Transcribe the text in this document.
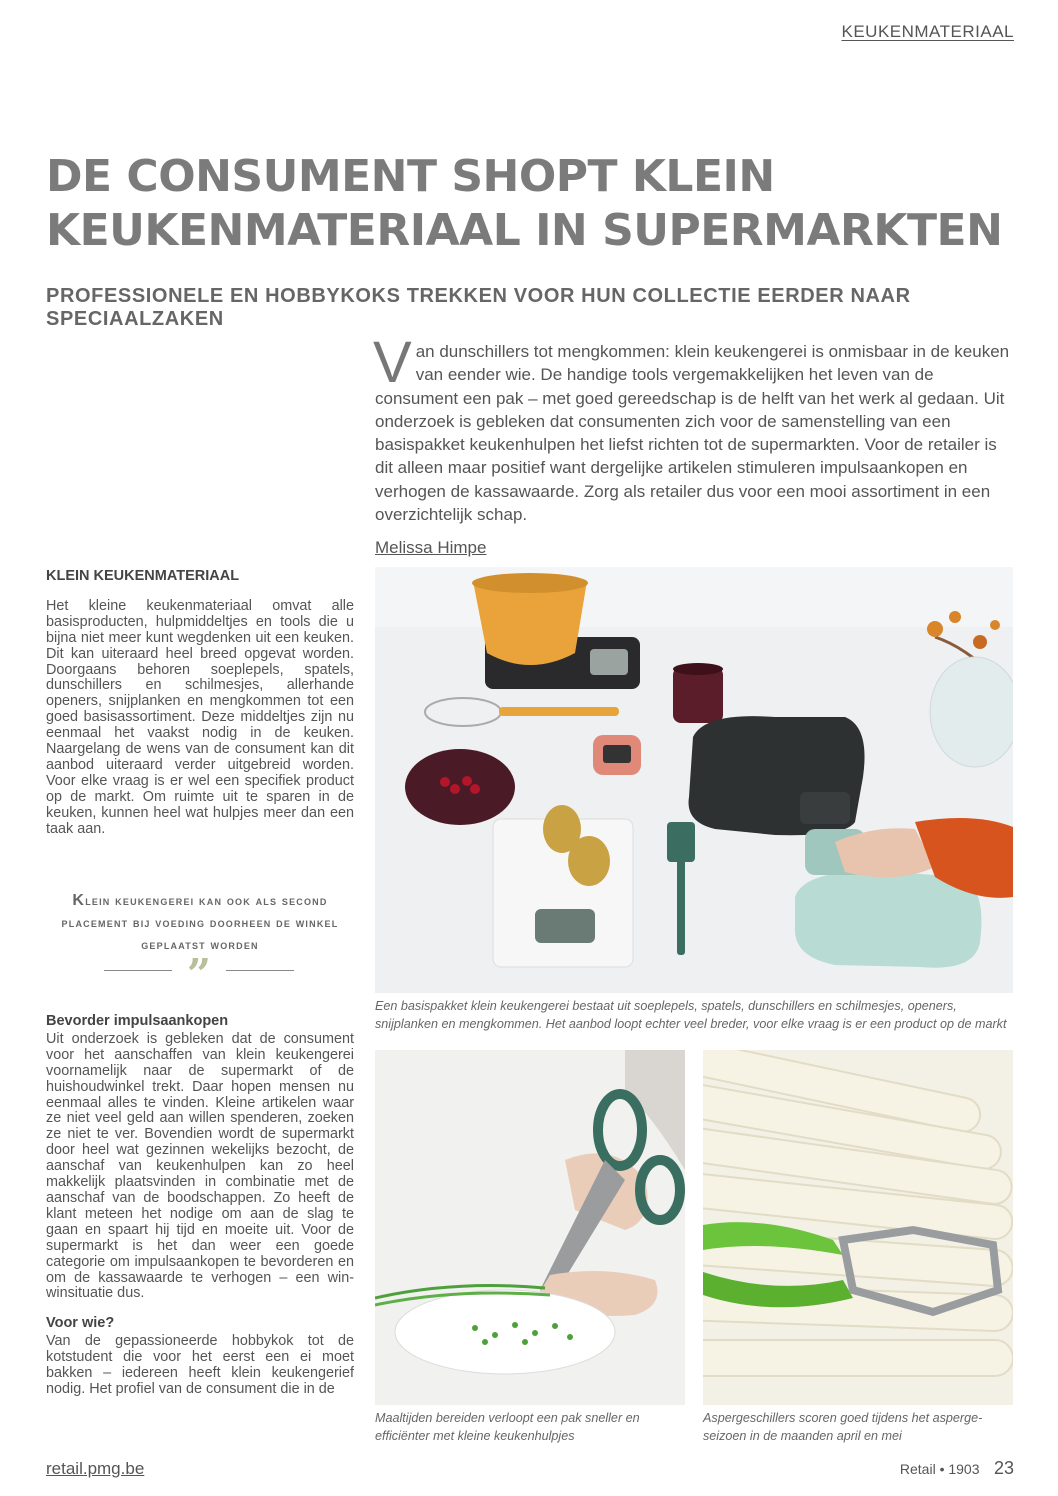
KEUKENMATERIAAL
DE CONSUMENT SHOPT KLEIN KEUKENMATERIAAL IN SUPERMARKTEN
PROFESSIONELE EN HOBBYKOKS TREKKEN VOOR HUN COLLECTIE EERDER NAAR SPECIAALZAKEN

Van dunschillers tot mengkommen: klein keukengerei is onmisbaar in de keuken van eender wie. De handige tools vergemakkelijken het leven van de consument een pak – met goed gereedschap is de helft van het werk al gedaan. Uit onderzoek is gebleken dat consumenten zich voor de samenstelling van een basispakket keukenhulpen het liefst richten tot de supermarkten. Voor de retailer is dit alleen maar positief want dergelijke artikelen stimuleren impulsaankopen en verhogen de kassawaarde. Zorg als retailer dus voor een mooi assortiment in een overzichtelijk schap.

Melissa Himpe
KLEIN KEUKENMATERIAAL

Het kleine keukenmateriaal omvat alle basisproducten, hulpmiddeltjes en tools die u bijna niet meer kunt wegdenken uit een keuken. Dit kan uiteraard heel breed opgevat worden. Doorgaans behoren soeplepels, spatels, dunschillers en schilmesjes, allerhande openers, snijplanken en mengkommen tot een goed basisassortiment. Deze middeltjes zijn nu eenmaal het vaakst nodig in de keuken. Naargelang de wens van de consument kan dit aanbod uiteraard verder uitgebreid worden. Voor elke vraag is er wel een specifiek product op de markt. Om ruimte uit te sparen in de keuken, kunnen heel wat hulpjes meer dan een taak aan.

Klein keukengerei kan ook als second placement bij voeding doorheen de winkel geplaatst worden
”
Bevorder impulsaankopen

Uit onderzoek is gebleken dat de consument voor het aanschaffen van klein keukengerei voornamelijk naar de supermarkt of de huishoudwinkel trekt. Daar hopen mensen nu eenmaal alles te vinden. Kleine artikelen waar ze niet veel geld aan willen spenderen, zoeken ze niet te ver. Bovendien wordt de supermarkt door heel wat gezinnen wekelijks bezocht, de aanschaf van keukenhulpen kan zo heel makkelijk plaatsvinden in combinatie met de aanschaf van de boodschappen. Zo heeft de klant meteen het nodige om aan de slag te gaan en spaart hij tijd en moeite uit. Voor de supermarkt is het dan weer een goede categorie om impulsaankopen te bevorderen en om de kassawaarde te verhogen – een win-winsituatie dus.

Voor wie?

Van de gepassioneerde hobbykok tot de kotstudent die voor het eerst een ei moet bakken – iedereen heeft klein keukengerief nodig. Het profiel van de consument die in de

Een basispakket klein keukengerei bestaat uit soeplepels, spatels, dunschillers en schilmesjes, openers, snijplanken en mengkommen. Het aanbod loopt echter veel breder, voor elke vraag is er een product op de markt
Maaltijden bereiden verloopt een pak sneller en efficiënter met kleine keukenhulpjes
Aspergeschillers scoren goed tijdens het asperge-seizoen in de maanden april en mei
retail.pmg.be	Retail • 1903 23
